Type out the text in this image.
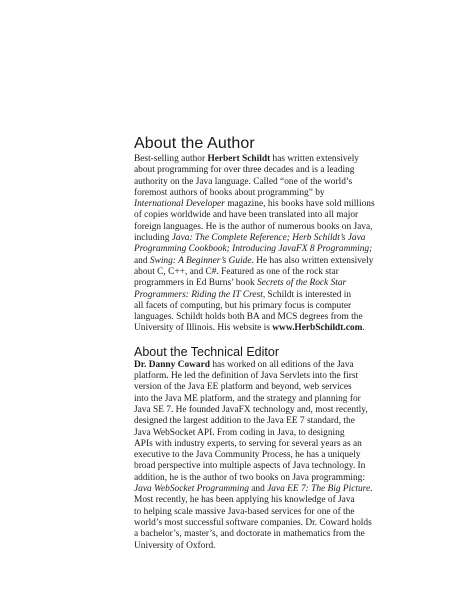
About the Author

Best-selling author Herbert Schildt has written extensively
about programming for over three decades and is a leading
authority on the Java language. Called “one of the world’s
foremost authors of books about programming” by
International Developer magazine, his books have sold millions
of copies worldwide and have been translated into all major
foreign languages. He is the author of numerous books on Java,
including Java: The Complete Reference; Herb Schildt’s Java
Programming Cookbook; Introducing JavaFX 8 Programming;
and Swing: A Beginner’s Guide. He has also written extensively
about C, C++, and C#. Featured as one of the rock star
programmers in Ed Burns’ book Secrets of the Rock Star
Programmers: Riding the IT Crest, Schildt is interested in
all facets of computing, but his primary focus is computer
languages. Schildt holds both BA and MCS degrees from the
University of Illinois. His website is www.HerbSchildt.com.

About the Technical Editor

Dr. Danny Coward has worked on all editions of the Java
platform. He led the definition of Java Servlets into the first
version of the Java EE platform and beyond, web services
into the Java ME platform, and the strategy and planning for
Java SE 7. He founded JavaFX technology and, most recently,
designed the largest addition to the Java EE 7 standard, the
Java WebSocket API. From coding in Java, to designing
APIs with industry experts, to serving for several years as an
executive to the Java Community Process, he has a uniquely
broad perspective into multiple aspects of Java technology. In
addition, he is the author of two books on Java programming:
Java WebSocket Programming and Java EE 7: The Big Picture.
Most recently, he has been applying his knowledge of Java
to helping scale massive Java-based services for one of the
world’s most successful software companies. Dr. Coward holds
a bachelor’s, master’s, and doctorate in mathematics from the
University of Oxford.
